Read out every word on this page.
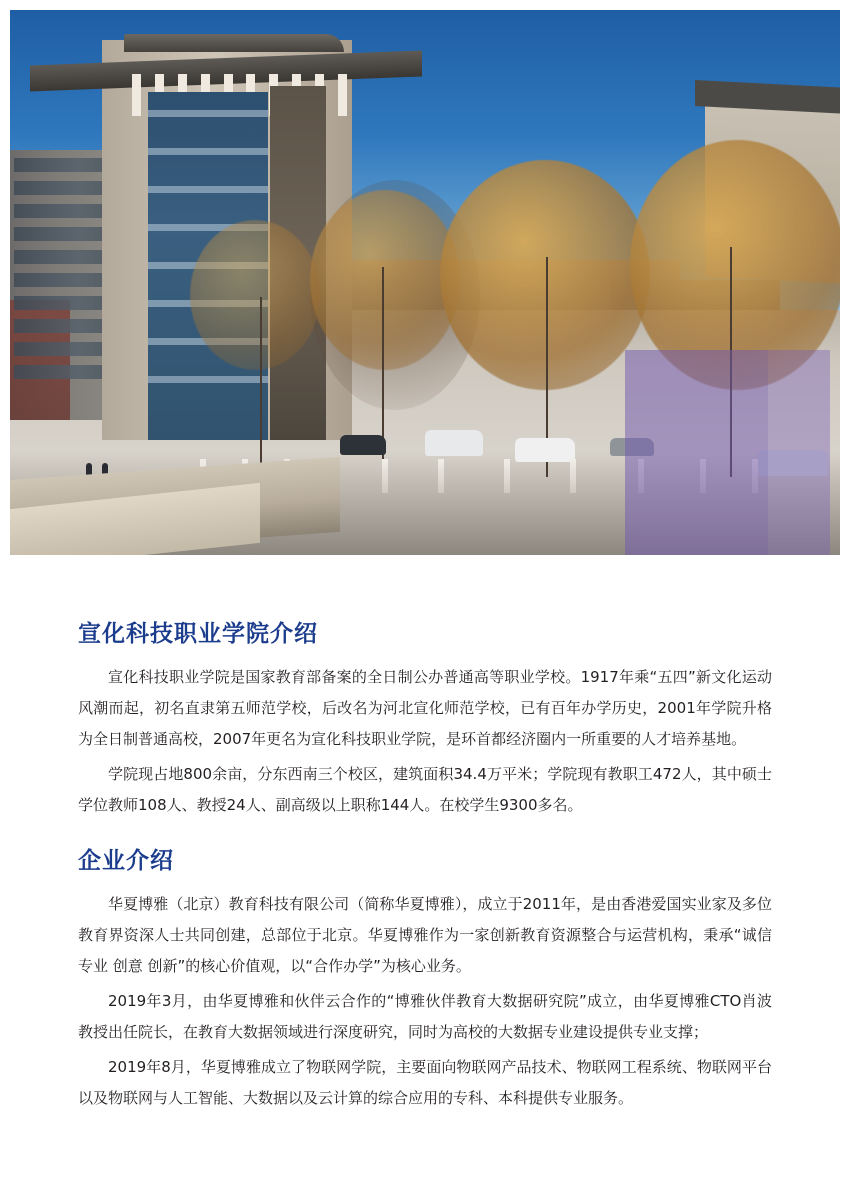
宣化科技职业学院介绍

宣化科技职业学院是国家教育部备案的全日制公办普通高等职业学校。1917年乘“五四”新文化运动风潮而起，初名直隶第五师范学校，后改名为河北宣化师范学校，已有百年办学历史，2001年学院升格为全日制普通高校，2007年更名为宣化科技职业学院，是环首都经济圈内一所重要的人才培养基地。

学院现占地800余亩，分东西南三个校区，建筑面积34.4万平米；学院现有教职工472人，其中硕士学位教师108人、教授24人、副高级以上职称144人。在校学生9300多名。

企业介绍

华夏博雅（北京）教育科技有限公司（简称华夏博雅），成立于2011年，是由香港爱国实业家及多位教育界资深人士共同创建，总部位于北京。华夏博雅作为一家创新教育资源整合与运营机构，秉承“诚信 专业 创意 创新”的核心价值观，以“合作办学”为核心业务。

2019年3月，由华夏博雅和伙伴云合作的“博雅伙伴教育大数据研究院”成立，由华夏博雅CTO肖波教授出任院长，在教育大数据领域进行深度研究，同时为高校的大数据专业建设提供专业支撑；

2019年8月，华夏博雅成立了物联网学院，主要面向物联网产品技术、物联网工程系统、物联网平台以及物联网与人工智能、大数据以及云计算的综合应用的专科、本科提供专业服务。
